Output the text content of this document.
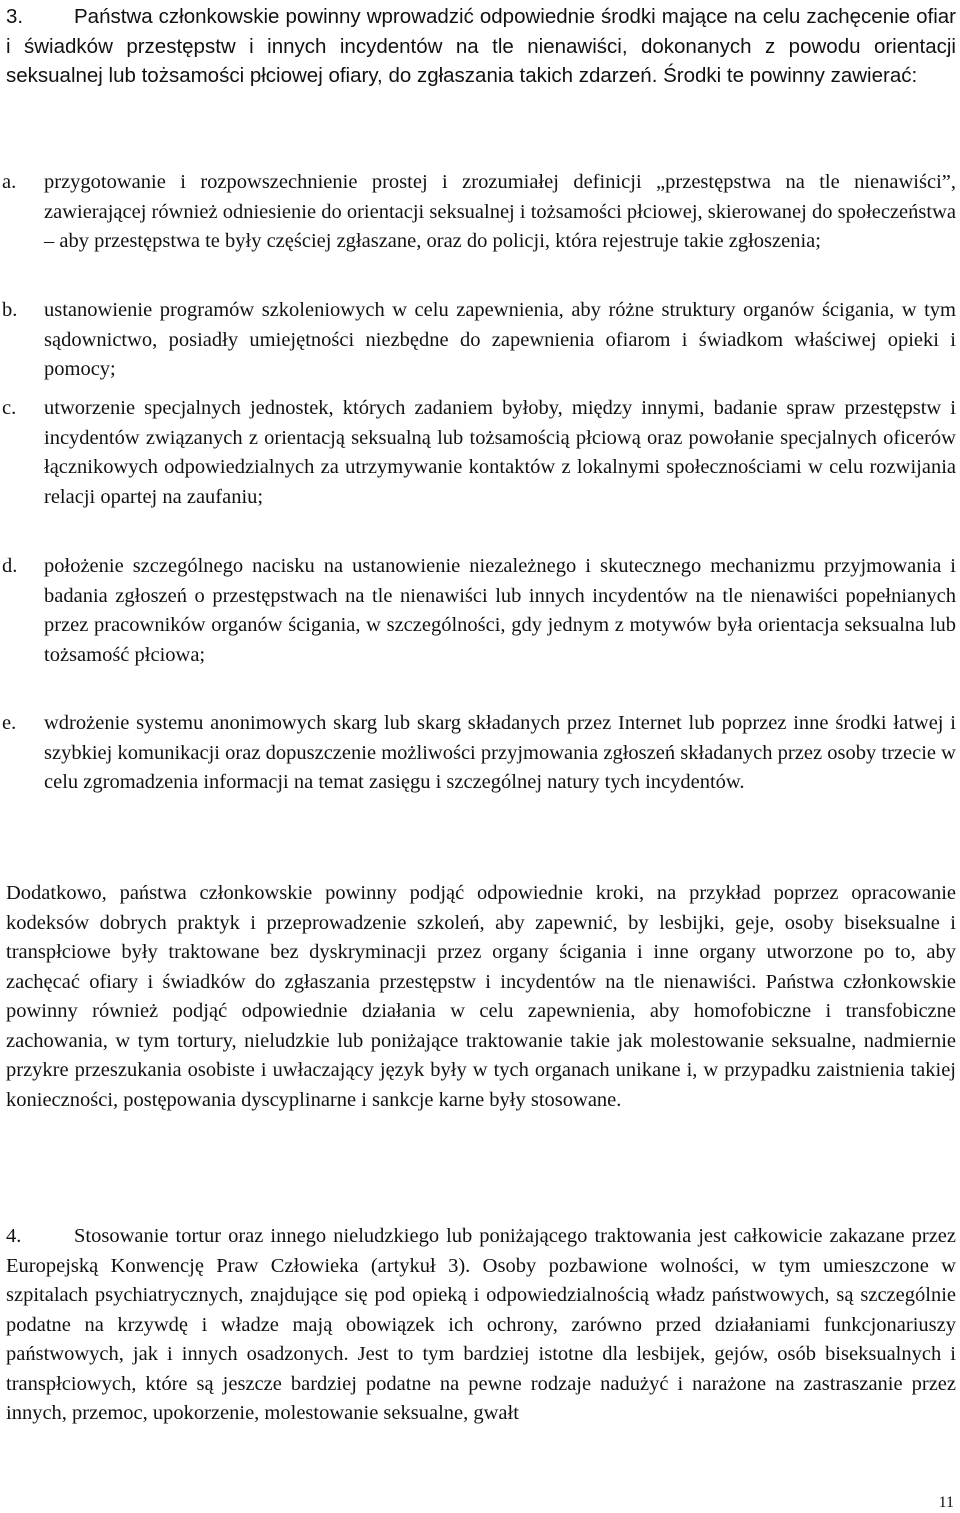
3.	Państwa członkowskie powinny wprowadzić odpowiednie środki mające na celu zachęcenie ofiar i świadków przestępstw i innych incydentów na tle nienawiści, dokonanych z powodu orientacji seksualnej lub tożsamości płciowej ofiary, do zgłaszania takich zdarzeń. Środki te powinny zawierać:

a.	przygotowanie i rozpowszechnienie prostej i zrozumiałej definicji „przestępstwa na tle nienawiści”, zawierającej również odniesienie do orientacji seksualnej i tożsamości płciowej, skierowanej do społeczeństwa – aby przestępstwa te były częściej zgłaszane, oraz do policji, która rejestruje takie zgłoszenia;

b.	ustanowienie programów szkoleniowych w celu zapewnienia, aby różne struktury organów ścigania, w tym sądownictwo, posiadły umiejętności niezbędne do zapewnienia ofiarom i świadkom właściwej opieki i pomocy;

c.	utworzenie specjalnych jednostek, których zadaniem byłoby, między innymi, badanie spraw przestępstw i incydentów związanych z orientacją seksualną lub tożsamością płciową oraz powołanie specjalnych oficerów łącznikowych odpowiedzialnych za utrzymywanie kontaktów z lokalnymi społecznościami w celu rozwijania relacji opartej na zaufaniu;

d.	położenie szczególnego nacisku na ustanowienie niezależnego i skutecznego mechanizmu przyjmowania i badania zgłoszeń o przestępstwach na tle nienawiści lub innych incydentów na tle nienawiści popełnianych przez pracowników organów ścigania, w szczególności, gdy jednym z motywów była orientacja seksualna lub tożsamość płciowa;

e.	wdrożenie systemu anonimowych skarg lub skarg składanych przez Internet lub poprzez inne środki łatwej i szybkiej komunikacji oraz dopuszczenie możliwości przyjmowania zgłoszeń składanych przez osoby trzecie w celu zgromadzenia informacji na temat zasięgu i szczególnej natury tych incydentów.

Dodatkowo, państwa członkowskie powinny podjąć odpowiednie kroki, na przykład poprzez opracowanie kodeksów dobrych praktyk i przeprowadzenie szkoleń, aby zapewnić, by lesbijki, geje, osoby biseksualne i transpłciowe były traktowane bez dyskryminacji przez organy ścigania i inne organy utworzone po to, aby zachęcać ofiary i świadków do zgłaszania przestępstw i incydentów na tle nienawiści. Państwa członkowskie powinny również podjąć odpowiednie działania w celu zapewnienia, aby homofobiczne i transfobiczne zachowania, w tym tortury, nieludzkie lub poniżające traktowanie takie jak molestowanie seksualne, nadmiernie przykre przeszukania osobiste i uwłaczający język były w tych organach unikane i, w przypadku zaistnienia takiej konieczności, postępowania dyscyplinarne i sankcje karne były stosowane.

4.	Stosowanie tortur oraz innego nieludzkiego lub poniżającego traktowania jest całkowicie zakazane przez Europejską Konwencję Praw Człowieka (artykuł 3). Osoby pozbawione wolności, w tym umieszczone w szpitalach psychiatrycznych, znajdujące się pod opieką i odpowiedzialnością władz państwowych, są szczególnie podatne na krzywdę i władze mają obowiązek ich ochrony, zarówno przed działaniami funkcjonariuszy państwowych, jak i innych osadzonych. Jest to tym bardziej istotne dla lesbijek, gejów, osób biseksualnych i transpłciowych, które są jeszcze bardziej podatne na pewne rodzaje nadużyć i narażone na zastraszanie przez innych, przemoc, upokorzenie, molestowanie seksualne, gwałt
11
